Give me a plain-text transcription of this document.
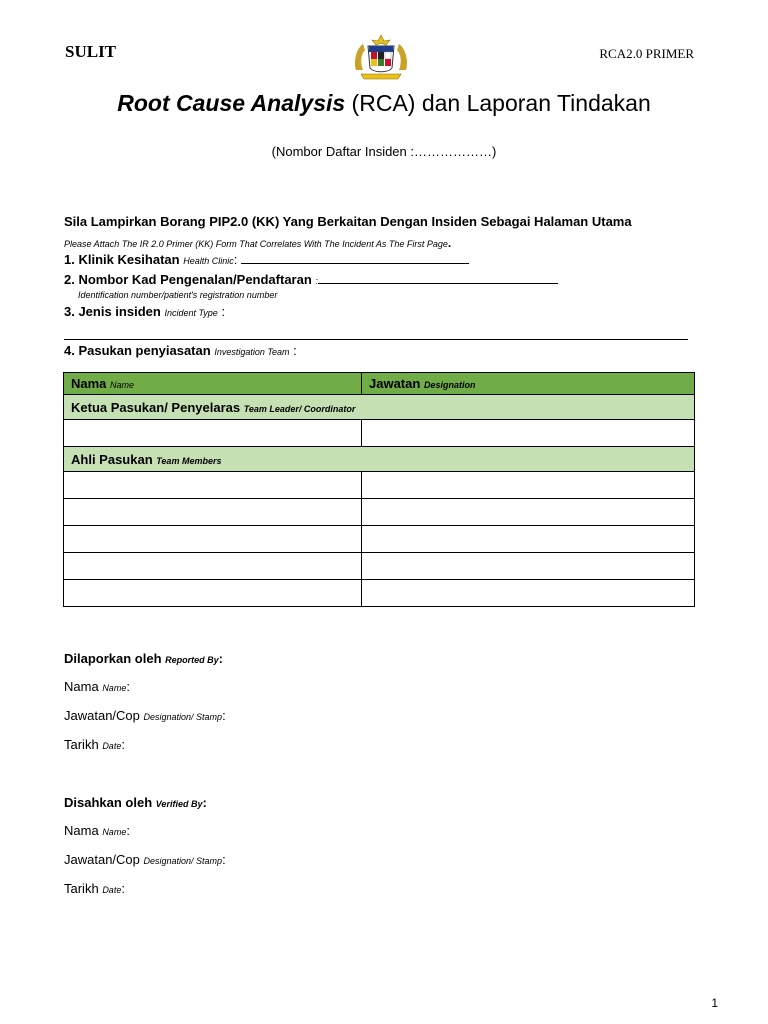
SULIT	RCA2.0 PRIMER
Root Cause Analysis (RCA) dan Laporan Tindakan
(Nombor Daftar Insiden :………………)
Sila Lampirkan Borang PIP2.0 (KK) Yang Berkaitan Dengan Insiden Sebagai Halaman Utama
Please Attach The IR 2.0 Primer (KK) Form That Correlates With The Incident As The First Page.
1. Klinik Kesihatan Health Clinic:
2. Nombor Kad Pengenalan/Pendaftaran :
Identification number/patient's registration number
3. Jenis insiden Incident Type :
4. Pasukan penyiasatan Investigation Team :
Nama Name	Jawatan Designation
Ketua Pasukan/ Penyelaras Team Leader/ Coordinator	

Ahli Pasukan Team Members	

Dilaporkan oleh Reported By:
Nama Name:
Jawatan/Cop Designation/ Stamp:
Tarikh Date:
Disahkan oleh Verified By:
Nama Name:
Jawatan/Cop Designation/ Stamp:
Tarikh Date:
1
